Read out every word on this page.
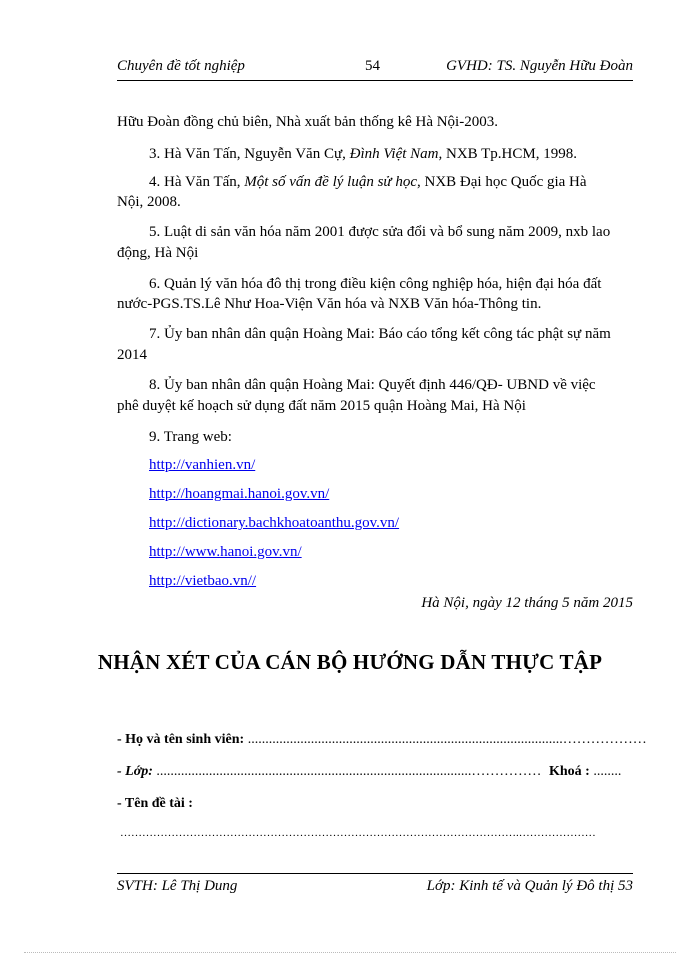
Chuyên đề tốt nghiệp	54	GVHD: TS. Nguyễn Hữu Đoàn
Hữu Đoàn đồng chủ biên, Nhà xuất bản thống kê Hà Nội-2003.
3. Hà Văn Tấn, Nguyễn Văn Cự, Đình Việt Nam, NXB Tp.HCM, 1998.
4. Hà Văn Tấn, Một số vấn đề lý luận sử học, NXB Đại học Quốc gia Hà
Nội, 2008.
5. Luật di sản văn hóa năm 2001 được sửa đổi và bổ sung năm 2009, nxb lao
động, Hà Nội
6. Quản lý văn hóa đô thị trong điều kiện công nghiệp hóa, hiện đại hóa đất
nước-PGS.TS.Lê Như Hoa-Viện Văn hóa và NXB Văn hóa-Thông tin.
7. Ủy ban nhân dân quận Hoàng Mai: Báo cáo tổng kết công tác phật sự năm
2014
8. Ủy ban nhân dân quận Hoàng Mai: Quyết định 446/QĐ- UBND về việc
phê duyệt kế hoạch sử dụng đất năm 2015 quận Hoàng Mai, Hà Nội
9. Trang web:
http://vanhien.vn/
http://hoangmai.hanoi.gov.vn/
http://dictionary.bachkhoatoanthu.gov.vn/
http://www.hanoi.gov.vn/
http://vietbao.vn//
Hà Nội, ngày 12 tháng 5 năm 2015
NHẬN XÉT CỦA CÁN BỘ HƯỚNG DẪN THỰC TẬP
- Họ và tên sinh viên: ..........................................................................................………………
- Lớp: ..........................................................................................…………… Khoá : ........
- Tên đề tài :
……………………………………………………………………………………………….…………………
SVTH: Lê Thị Dung	Lớp: Kinh tế và Quản lý Đô thị 53
